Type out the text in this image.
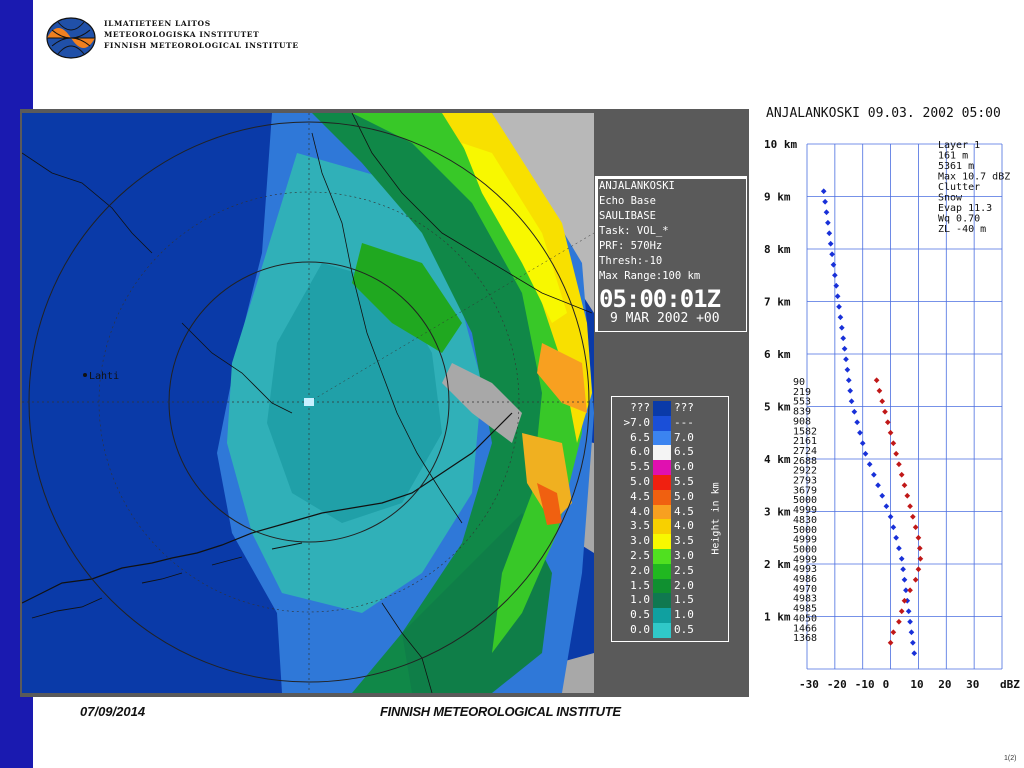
ILMATIETEEN LAITOS
METEOROLOGISKA INSTITUTET
FINNISH METEOROLOGICAL INSTITUTE
Lahti
ANJALANKOSKI
Echo Base
SAULIBASE
Task: VOL_*
PRF: 570Hz
Thresh:-10
Max Range:100 km
05:00:01Z
9 MAR 2002 +00
??? ???
>7.0 ---
6.5 7.0
6.0 6.5
5.5 6.0
5.0 5.5
4.5 5.0
4.0 4.5
3.5 4.0
3.0 3.5
2.5 3.0
2.0 2.5
1.5 2.0
1.0 1.5
0.5 1.0
0.0 0.5
Height in km
ANJALANKOSKI 09.03. 2002 05:00
10 km
9 km
8 km
7 km
6 km
5 km
4 km
3 km
2 km
1 km
-30 -20 -10 0 10 20 30 dBZ
Layer 1
161 m
5361 m
Max 10.7 dBZ
Clutter
Snow
Evap 11.3
Wq 0.70
ZL -40 m
90
219
553
839
908
1582
2161
2724
2688
2922
2793
3679
5000
4999
4830
5000
4999
5000
4999
4993
4986
4970
4983
4985
4050
1466
1368
07/09/2014	FINNISH METEOROLOGICAL INSTITUTE
1(2)
